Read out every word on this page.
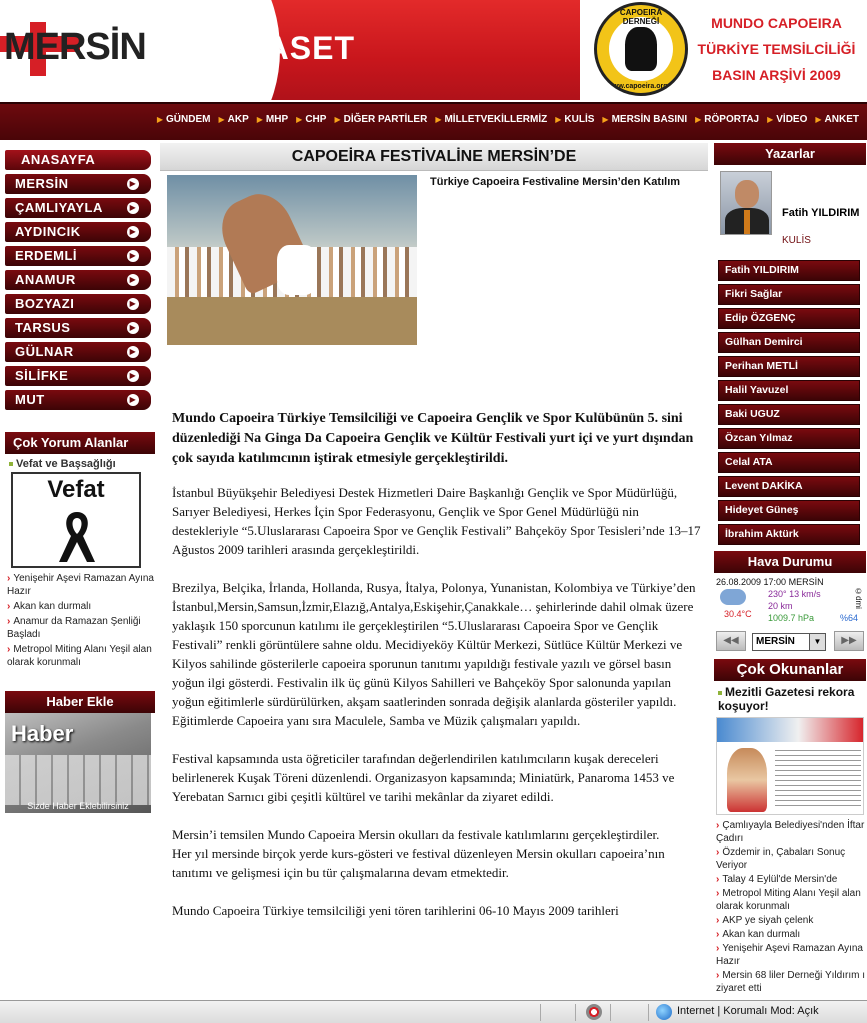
MERSİN SİYASET
CAPOEIRA DERNEĞİ
www.capoeira.org.tr
MUNDO CAPOEIRA
TÜRKİYE TEMSİLCİLİĞİ
BASIN ARŞİVİ 2009
▶ GÜNDEM ▶ AKP ▶ MHP ▶ CHP ▶ DİĞER PARTİLER ▶ MİLLETVEKİLLERMİZ ▶ KULİS ▶ MERSİN BASINI ▶ RÖPORTAJ ▶ VİDEO ▶ ANKET
ANASAYFA
MERSİN	▶
ÇAMLIYAYLA	▶
AYDINCIK	▶
ERDEMLİ	▶
ANAMUR	▶
BOZYAZI	▶
TARSUS	▶
GÜLNAR	▶
SİLİFKE	▶
MUT	▶
Çok Yorum Alanlar
Vefat ve Başsağlığı
Vefat
› Yenişehir Aşevi Ramazan Ayına Hazır
› Akan kan durmalı
› Anamur da Ramazan Şenliği Başladı
› Metropol Miting Alanı Yeşil alan olarak korunmalı
Haber Ekle
Haber
Sizde Haber Eklebilirsiniz
CAPOEİRA FESTİVALİNE MERSİN’DE
Türkiye Capoeira Festivaline Mersin’den Katılım

Mundo Capoeira Türkiye Temsilciliği ve Capoeira Gençlik ve Spor Kulübünün 5. sini düzenlediği Na Ginga Da Capoeira Gençlik ve Kültür Festivali yurt içi ve yurt dışından çok sayıda katılımcının iştirak etmesiyle gerçekleştirildi.

İstanbul Büyükşehir Belediyesi Destek Hizmetleri Daire Başkanlığı Gençlik ve Spor Müdürlüğü, Sarıyer Belediyesi, Herkes İçin Spor Federasyonu, Gençlik ve Spor Genel Müdürlüğü nin destekleriyle “5.Uluslararası Capoeira Spor ve Gençlik Festivali” Bahçeköy Spor Tesisleri’nde 13–17 Ağustos 2009 tarihleri arasında gerçekleştirildi.

Brezilya, Belçika, İrlanda, Hollanda, Rusya, İtalya, Polonya, Yunanistan, Kolombiya ve Türkiye’den İstanbul,Mersin,Samsun,İzmir,Elazığ,Antalya,Eskişehir,Çanakkale… şehirlerinde dahil olmak üzere yaklaşık 150 sporcunun katılımı ile gerçekleştirilen “5.Uluslararası Capoeira Spor ve Gençlik Festivali” renkli görüntülere sahne oldu. Mecidiyeköy Kültür Merkezi, Sütlüce Kültür Merkezi ve Kilyos sahilinde gösterilerle capoeira sporunun tanıtımı yapıldığı festivale yazılı ve görsel basın yoğun ilgi gösterdi. Festivalin ilk üç günü Kilyos Sahilleri ve Bahçeköy Spor salonunda yapılan yoğun eğitimlerle sürdürülürken, akşam saatlerinden sonrada değişik alanlarda gösteriler yapıldı. Eğitimlerde Capoeira yanı sıra Maculele, Samba ve Müzik çalışmaları yapıldı.

Festival kapsamında usta öğreticiler tarafından değerlendirilen katılımcıların kuşak dereceleri belirlenerek Kuşak Töreni düzenlendi. Organizasyon kapsamında; Miniatürk, Panaroma 1453 ve Yerebatan Sarnıcı gibi çeşitli kültürel ve tarihi mekânlar da ziyaret edildi.

Mersin’i temsilen Mundo Capoeira Mersin okulları da festivale katılımlarını gerçekleştirdiler.
Her yıl mersinde birçok yerde kurs-gösteri ve festival düzenleyen Mersin okulları capoeira’nın tanıtımı ve gelişmesi için bu tür çalışmalarına devam etmektedir.

Mundo Capoeira Türkiye temsilciliği yeni tören tarihlerini 06-10 Mayıs 2009 tarihleri

Yazarlar
Fatih YILDIRIM
KULİS
Fatih YILDIRIM
Fikri Sağlar
Edip ÖZGENÇ
Gülhan Demirci
Perihan METLİ
Halil Yavuzel
Baki UGUZ
Özcan Yılmaz
Celal ATA
Levent DAKİKA
Hideyet Güneş
İbrahim Aktürk
Hava Durumu
26.08.2009 17:00 MERSİN
30.4°C
230° 13 km/s
20 km
1009.7 hPa	%64
©dmi
◀◀	MERSİN	▼	▶▶
Çok Okunanlar
Mezitli Gazetesi rekora koşuyor!
› Çamlıyayla Belediyesi'nden İftar Çadırı
› Özdemir in, Çabaları Sonuç Veriyor
› Talay 4 Eylül'de Mersin'de
› Metropol Miting Alanı Yeşil alan olarak korunmalı
› AKP ye siyah çelenk
› Akan kan durmalı
› Yenişehir Aşevi Ramazan Ayına Hazır
› Mersin 68 liler Derneği Yıldırım ı ziyaret etti
Internet | Korumalı Mod: Açık
